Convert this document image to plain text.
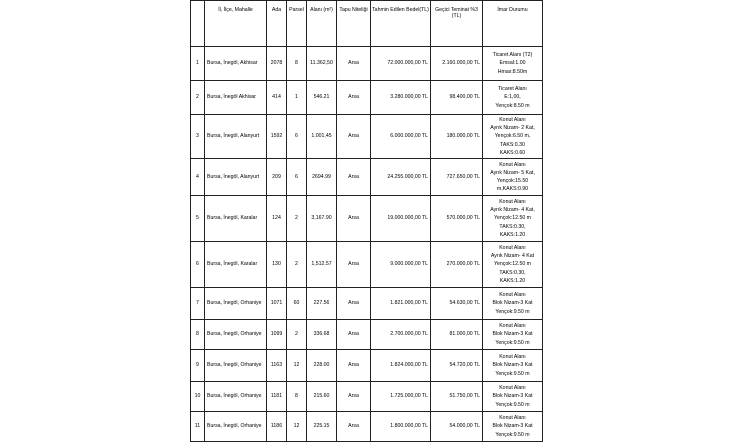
	İl, İlçe, Mahalle	Ada	Parsel	Alanı (m²)	Tapu Niteliği	Tahmin Edilen Bedel(TL)	Geçici Teminat %3 (TL)	İmar Durumu
1	Bursa, İnegöl, Akhisar	2078	8	11.362,50	Arsa	72.000.000,00 TL	2.160.000,00 TL	Ticaret Alanı (T2)
Emsal:1.00
Hmax:8.50m

2	Bursa, İnegöl Akhisar	414	1	546.21	Arsa	3.280.000,00 TL	98.400,00 TL	Ticaret Alanı
E:1,00,
Yençok:8.50 m

3	Bursa, İnegöl, Alanyurt	1592	6	1.001,45	Arsa	6.000.000,00 TL	180.000,00 TL	Konut Alanı
Ayrık Nizam- 2 Kat,
Yençok:6.50 m,
TAKS:0.30
KAKS:0.60

4	Bursa, İnegöl, Alanyurt	209	6	2694.99	Arsa	24.255.000,00 TL	727.650,00 TL	Konut Alanı
Ayrık Nizam- 5 Kat,
Yençok:15.50
m,KAKS:0.90

5	Bursa, İnegöl, Karalar	124	2	3,167.90	Arsa	19.000.000,00 TL	570.000,00 TL	Konut Alanı
Ayrık Nizam- 4 Kat,
Yençok:12.50 m
TAKS:0.30,
KAKS:1.20

6	Bursa, İnegöl, Karalar	130	2	1,512.57	Arsa	9.000.000,00 TL	270.000,00 TL	Konut Alanı
Ayrık Nizam- 4 Kat
Yençok:12.50 m
TAKS:0.30,
KAKS:1.20

7	Bursa, İnegöl, Orhaniye	1071	60	227.56	Arsa	1.821.000,00 TL	54.630,00 TL	Konut Alanı
Blok Nizam-3 Kat
Yençok:9.50 m

8	Bursa, İnegöl, Orhaniye	1099	2	336.68	Arsa	2.700.000,00 TL	81.000,00 TL	Konut Alanı
Blok Nizam-3 Kat
Yençok:9.50 m

9	Bursa, İnegöl, Orhaniye	1163	12	228.00	Arsa	1.824.000,00 TL	54.720,00 TL	Konut Alanı
Blok Nizam-3 Kat
Yençok:9.50 m

10	Bursa, İnegöl, Orhaniye	1181	8	215.60	Arsa	1.725.000,00 TL	51.750,00 TL	Konut Alanı
Blok Nizam-3 Kat
Yençok:9.50 m

11	Bursa, İnegöl, Orhaniye	1186	12	225.15	Arsa	1.800.000,00 TL	54.000,00 TL	Konut Alanı
Blok Nizam-3 Kat
Yençok:9.50 m
